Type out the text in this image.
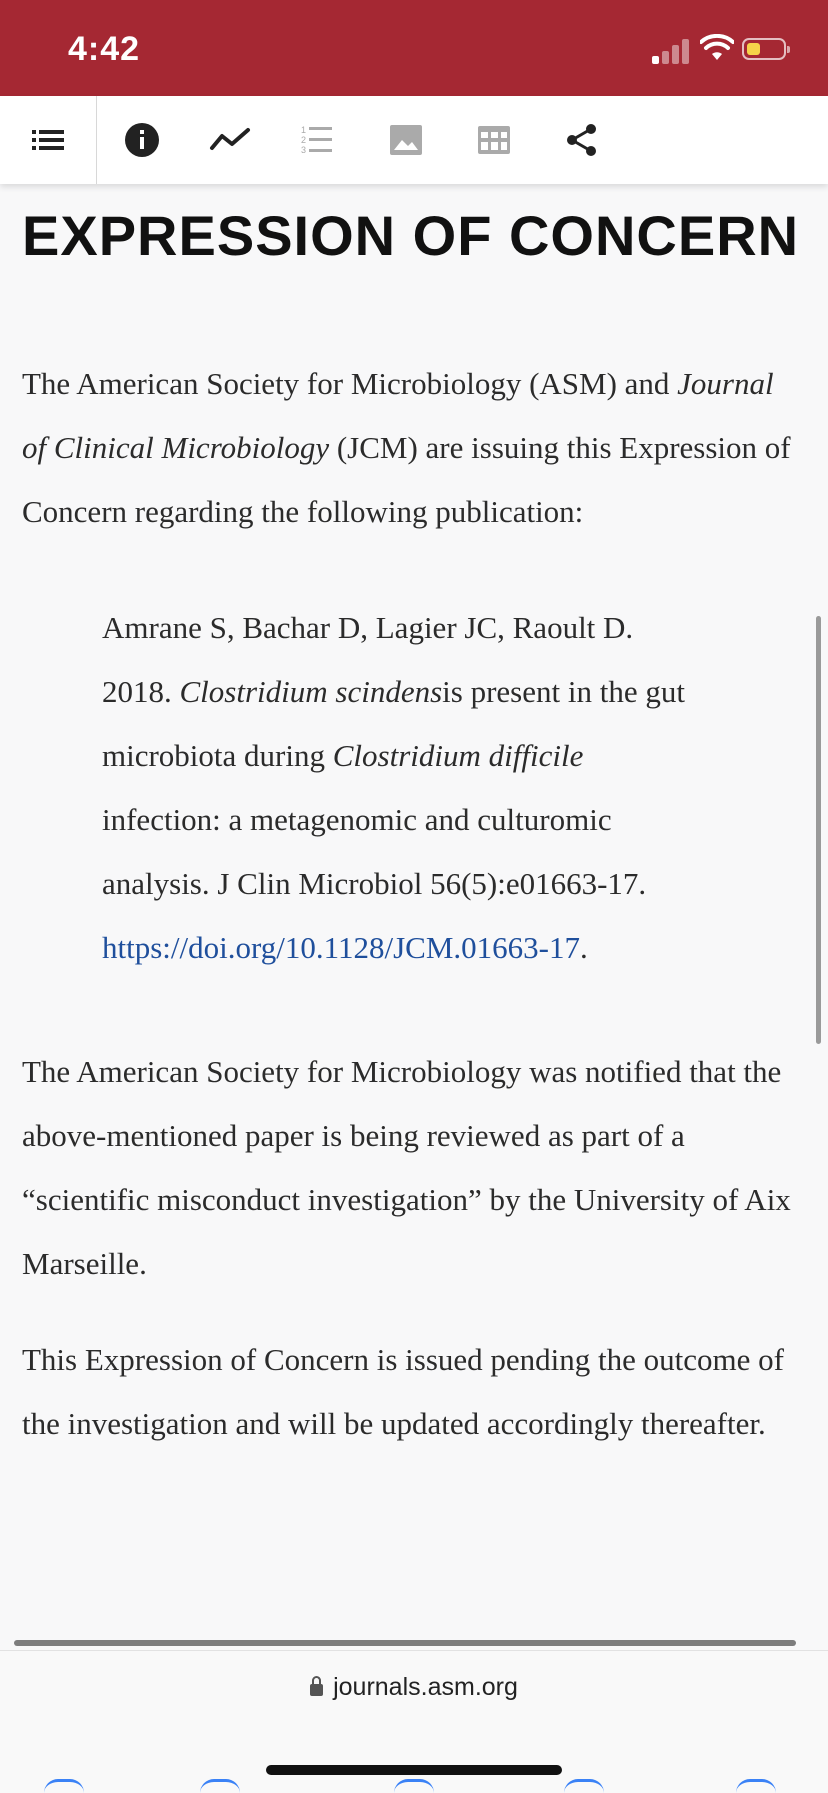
4:42
1
2
3
EXPRESSION OF CONCERN

The American Society for Microbiology (ASM) and Journal of Clinical Microbiology (JCM) are issuing this Expression of Concern regarding the following publication:

Amrane S, Bachar D, Lagier JC, Raoult D. 2018. Clostridium scindensis present in the gut microbiota during Clostridium difficile infection: a metagenomic and culturomic analysis. J Clin Microbiol 56(5):e01663-17. https://doi.org/10.1128/JCM.01663-17.

The American Society for Microbiology was notified that the above-mentioned paper is being reviewed as part of a “scientific misconduct investigation” by the University of Aix Marseille.

This Expression of Concern is issued pending the outcome of the investigation and will be updated accordingly thereafter.

journals.asm.org
